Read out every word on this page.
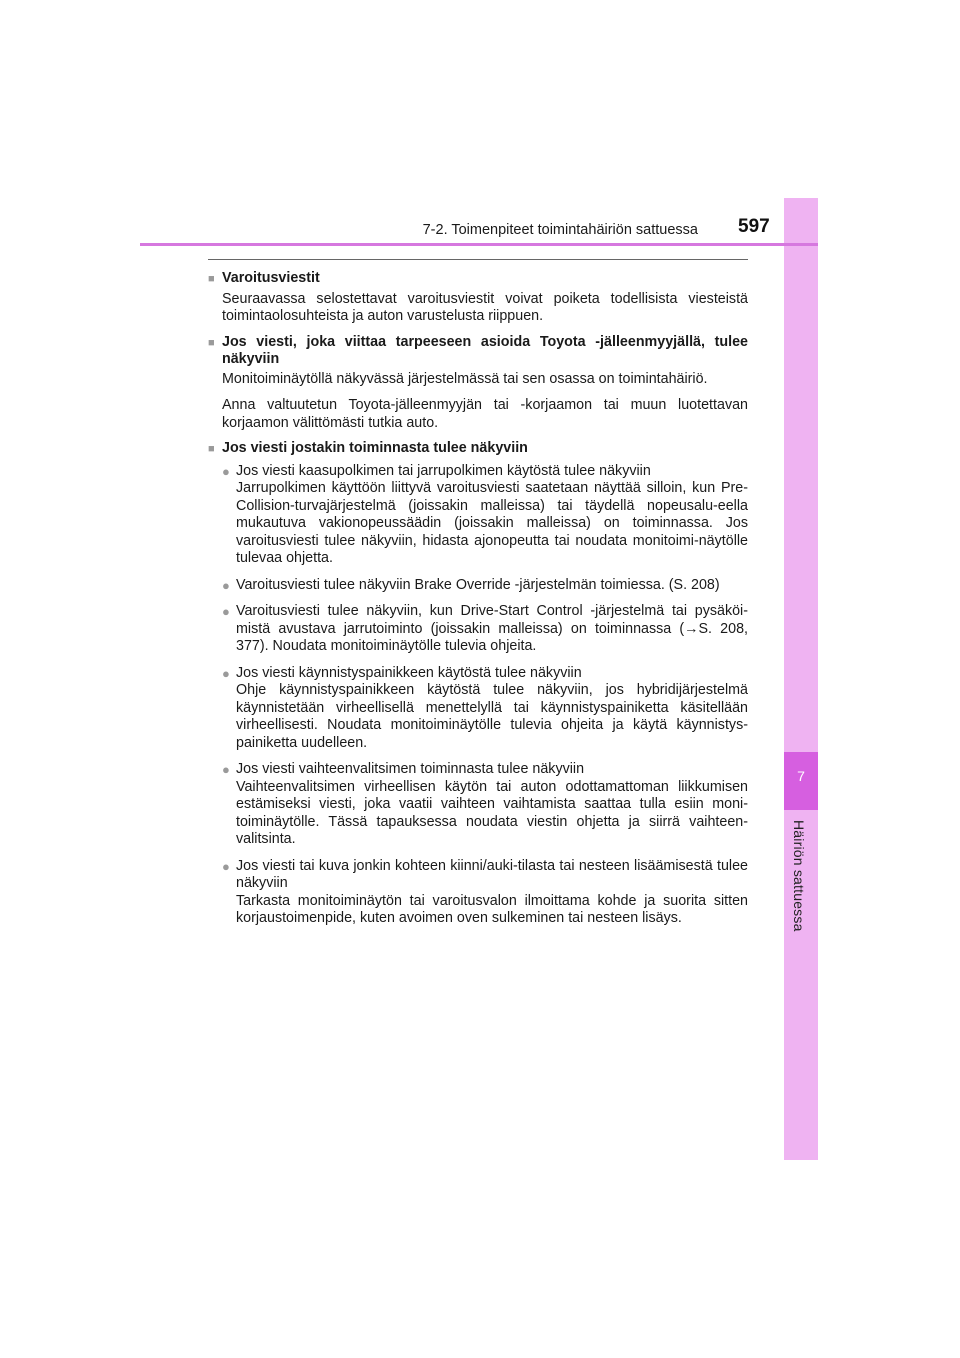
7
Häiriön sattuessa
7-2. Toimenpiteet toimintahäiriön sattuessa 597
■ Varoitusviestit
Seuraavassa selostettavat varoitusviestit voivat poiketa todellisista viesteistä toimintaolosuhteista ja auton varustelusta riippuen.
■ Jos viesti, joka viittaa tarpeeseen asioida Toyota -jälleenmyyjällä, tulee näkyviin
Monitoiminäytöllä näkyvässä järjestelmässä tai sen osassa on toimintahäiriö.
Anna valtuutetun Toyota-jälleenmyyjän tai -korjaamon tai muun luotettavan korjaamon välittömästi tutkia auto.
■ Jos viesti jostakin toiminnasta tulee näkyviin
● Jos viesti kaasupolkimen tai jarrupolkimen käytöstä tulee näkyviin
Jarrupolkimen käyttöön liittyvä varoitusviesti saatetaan näyttää silloin, kun Pre-Collision-turvajärjestelmä (joissakin malleissa) tai täydellä nopeusalu-eella mukautuva vakionopeussäädin (joissakin malleissa) on toiminnassa. Jos varoitusviesti tulee näkyviin, hidasta ajonopeutta tai noudata monitoimi-näytölle tulevaa ohjetta.
● Varoitusviesti tulee näkyviin Brake Override -järjestelmän toimiessa. (S. 208)
● Varoitusviesti tulee näkyviin, kun Drive-Start Control -järjestelmä tai pysäköi-mistä avustava jarrutoiminto (joissakin malleissa) on toiminnassa (→S. 208, 377). Noudata monitoiminäytölle tulevia ohjeita.
● Jos viesti käynnistyspainikkeen käytöstä tulee näkyviin
Ohje käynnistyspainikkeen käytöstä tulee näkyviin, jos hybridijärjestelmä käynnistetään virheellisellä menettelyllä tai käynnistyspainiketta käsitellään virheellisesti. Noudata monitoiminäytölle tulevia ohjeita ja käytä käynnistys-painiketta uudelleen.
● Jos viesti vaihteenvalitsimen toiminnasta tulee näkyviin
Vaihteenvalitsimen virheellisen käytön tai auton odottamattoman liikkumisen estämiseksi viesti, joka vaatii vaihteen vaihtamista saattaa tulla esiin moni-toiminäytölle. Tässä tapauksessa noudata viestin ohjetta ja siirrä vaihteen-valitsinta.
● Jos viesti tai kuva jonkin kohteen kiinni/auki-tilasta tai nesteen lisäämisestä tulee näkyviin
Tarkasta monitoiminäytön tai varoitusvalon ilmoittama kohde ja suorita sitten korjaustoimenpide, kuten avoimen oven sulkeminen tai nesteen lisäys.
